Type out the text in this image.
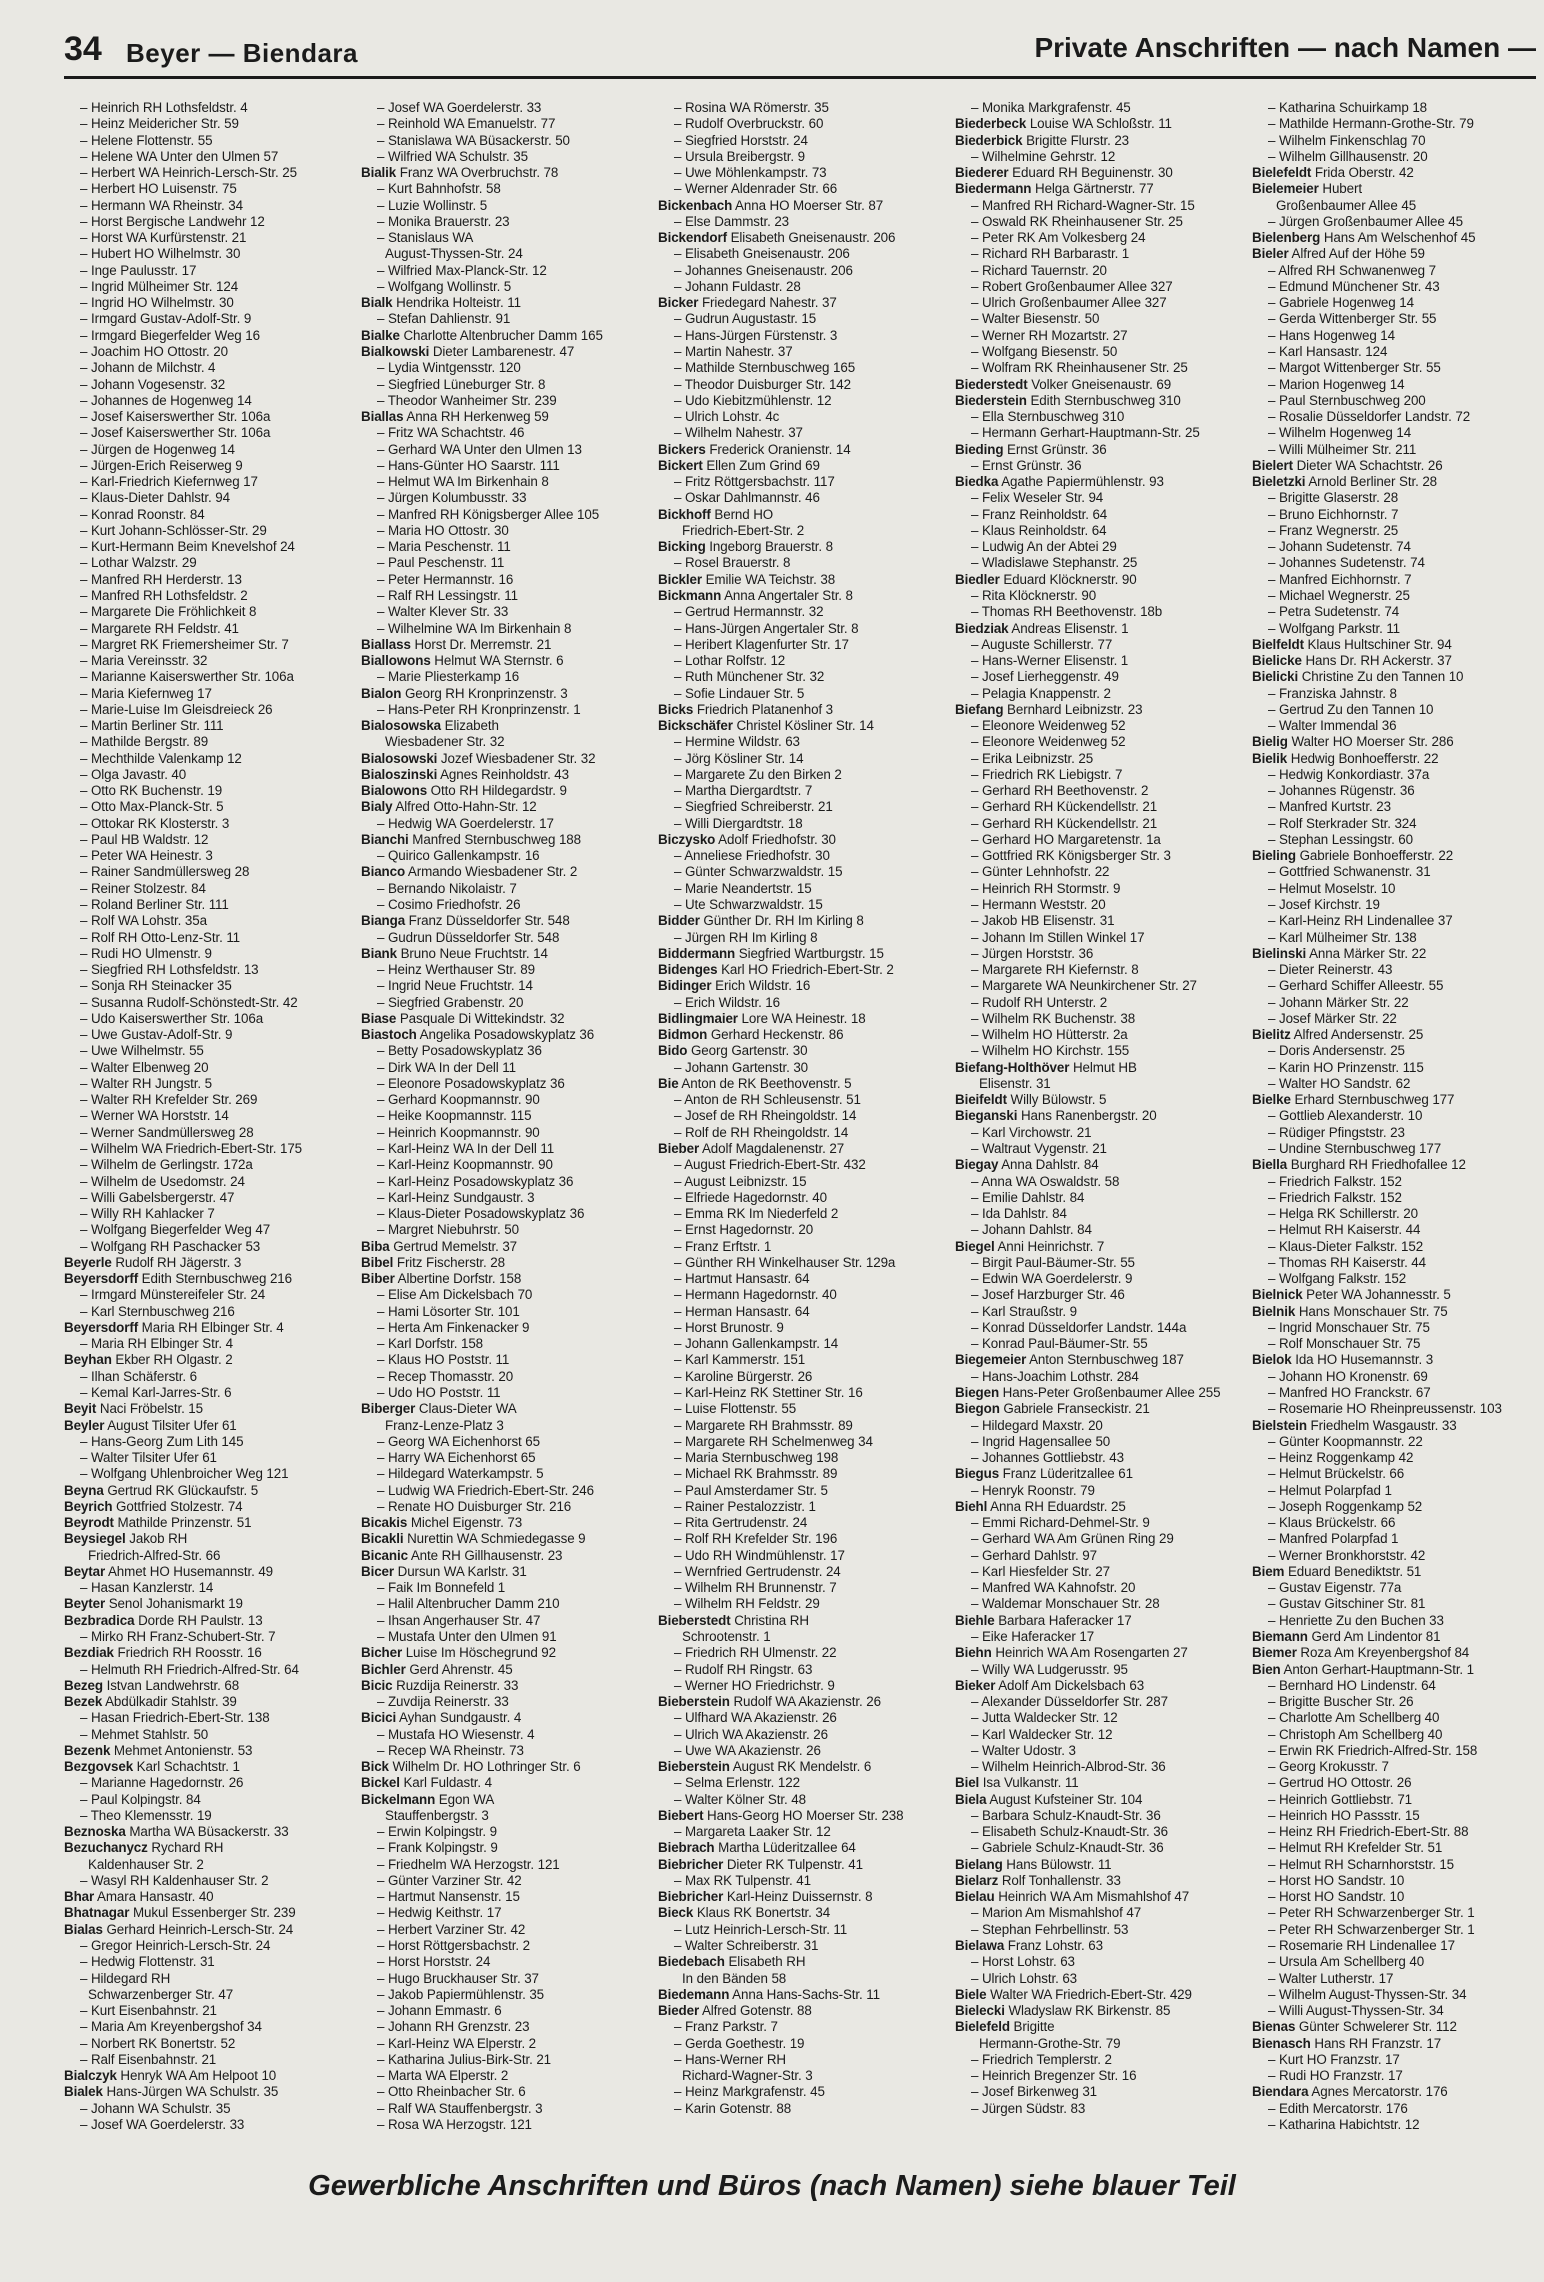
34 Beyer — Biendara	Private Anschriften — nach Namen —
– Heinrich RH Lothsfeldstr. 4
– Heinz Meidericher Str. 59
– Helene Flottenstr. 55
– Helene WA Unter den Ulmen 57
– Herbert WA Heinrich-Lersch-Str. 25
– Herbert HO Luisenstr. 75
– Hermann WA Rheinstr. 34
– Horst Bergische Landwehr 12
– Horst WA Kurfürstenstr. 21
– Hubert HO Wilhelmstr. 30
– Inge Paulusstr. 17
– Ingrid Mülheimer Str. 124
– Ingrid HO Wilhelmstr. 30
– Irmgard Gustav-Adolf-Str. 9
– Irmgard Biegerfelder Weg 16
– Joachim HO Ottostr. 20
– Johann de Milchstr. 4
– Johann Vogesenstr. 32
– Johannes de Hogenweg 14
– Josef Kaiserswerther Str. 106a
– Josef Kaiserswerther Str. 106a
– Jürgen de Hogenweg 14
– Jürgen-Erich Reiserweg 9
– Karl-Friedrich Kiefernweg 17
– Klaus-Dieter Dahlstr. 94
– Konrad Roonstr. 84
– Kurt Johann-Schlösser-Str. 29
– Kurt-Hermann Beim Knevelshof 24
– Lothar Walzstr. 29
– Manfred RH Herderstr. 13
– Manfred RH Lothsfeldstr. 2
– Margarete Die Fröhlichkeit 8
– Margarete RH Feldstr. 41
– Margret RK Friemersheimer Str. 7
– Maria Vereinsstr. 32
– Marianne Kaiserswerther Str. 106a
– Maria Kiefernweg 17
– Marie-Luise Im Gleisdreieck 26
– Martin Berliner Str. 111
– Mathilde Bergstr. 89
– Mechthilde Valenkamp 12
– Olga Javastr. 40
– Otto RK Buchenstr. 19
– Otto Max-Planck-Str. 5
– Ottokar RK Klosterstr. 3
– Paul HB Waldstr. 12
– Peter WA Heinestr. 3
– Rainer Sandmüllersweg 28
– Reiner Stolzestr. 84
– Roland Berliner Str. 111
– Rolf WA Lohstr. 35a
– Rolf RH Otto-Lenz-Str. 11
– Rudi HO Ulmenstr. 9
– Siegfried RH Lothsfeldstr. 13
– Sonja RH Steinacker 35
– Susanna Rudolf-Schönstedt-Str. 42
– Udo Kaiserswerther Str. 106a
– Uwe Gustav-Adolf-Str. 9
– Uwe Wilhelmstr. 55
– Walter Elbenweg 20
– Walter RH Jungstr. 5
– Walter RH Krefelder Str. 269
– Werner WA Horststr. 14
– Werner Sandmüllersweg 28
– Wilhelm WA Friedrich-Ebert-Str. 175
– Wilhelm de Gerlingstr. 172a
– Wilhelm de Usedomstr. 24
– Willi Gabelsbergerstr. 47
– Willy RH Kahlacker 7
– Wolfgang Biegerfelder Weg 47
– Wolfgang RH Paschacker 53
Beyerle Rudolf RH Jägerstr. 3
Beyersdorff Edith Sternbuschweg 216
– Irmgard Münstereifeler Str. 24
– Karl Sternbuschweg 216
Beyersdorff Maria RH Elbinger Str. 4
– Maria RH Elbinger Str. 4
Beyhan Ekber RH Olgastr. 2
– Ilhan Schäferstr. 6
– Kemal Karl-Jarres-Str. 6
Beyit Naci Fröbelstr. 15
Beyler August Tilsiter Ufer 61
– Hans-Georg Zum Lith 145
– Walter Tilsiter Ufer 61
– Wolfgang Uhlenbroicher Weg 121
Beyna Gertrud RK Glückaufstr. 5
Beyrich Gottfried Stolzestr. 74
Beyrodt Mathilde Prinzenstr. 51
Beysiegel Jakob RH
Friedrich-Alfred-Str. 66
Beytar Ahmet HO Husemannstr. 49
– Hasan Kanzlerstr. 14
Beyter Senol Johanismarkt 19
Bezbradica Dorde RH Paulstr. 13
– Mirko RH Franz-Schubert-Str. 7
Bezdiak Friedrich RH Roosstr. 16
– Helmuth RH Friedrich-Alfred-Str. 64
Bezeg Istvan Landwehrstr. 68
Bezek Abdülkadir Stahlstr. 39
– Hasan Friedrich-Ebert-Str. 138
– Mehmet Stahlstr. 50
Bezenk Mehmet Antonienstr. 53
Bezgovsek Karl Schachtstr. 1
– Marianne Hagedornstr. 26
– Paul Kolpingstr. 84
– Theo Klemensstr. 19
Beznoska Martha WA Büsackerstr. 33
Bezuchanycz Rychard RH
Kaldenhauser Str. 2
– Wasyl RH Kaldenhauser Str. 2
Bhar Amara Hansastr. 40
Bhatnagar Mukul Essenberger Str. 239
Bialas Gerhard Heinrich-Lersch-Str. 24
– Gregor Heinrich-Lersch-Str. 24
– Hedwig Flottenstr. 31
– Hildegard RH
Schwarzenberger Str. 47
– Kurt Eisenbahnstr. 21
– Maria Am Kreyenbergshof 34
– Norbert RK Bonertstr. 52
– Ralf Eisenbahnstr. 21
Bialczyk Henryk WA Am Helpoot 10
Bialek Hans-Jürgen WA Schulstr. 35
– Johann WA Schulstr. 35
– Josef WA Goerdelerstr. 33
– Josef WA Goerdelerstr. 33
– Reinhold WA Emanuelstr. 77
– Stanislawa WA Büsackerstr. 50
– Wilfried WA Schulstr. 35
Bialik Franz WA Overbruchstr. 78
– Kurt Bahnhofstr. 58
– Luzie Wollinstr. 5
– Monika Brauerstr. 23
– Stanislaus WA
August-Thyssen-Str. 24
– Wilfried Max-Planck-Str. 12
– Wolfgang Wollinstr. 5
Bialk Hendrika Holteistr. 11
– Stefan Dahlienstr. 91
Bialke Charlotte Altenbrucher Damm 165
Bialkowski Dieter Lambarenestr. 47
– Lydia Wintgensstr. 120
– Siegfried Lüneburger Str. 8
– Theodor Wanheimer Str. 239
Biallas Anna RH Herkenweg 59
– Fritz WA Schachtstr. 46
– Gerhard WA Unter den Ulmen 13
– Hans-Günter HO Saarstr. 111
– Helmut WA Im Birkenhain 8
– Jürgen Kolumbusstr. 33
– Manfred RH Königsberger Allee 105
– Maria HO Ottostr. 30
– Maria Peschenstr. 11
– Paul Peschenstr. 11
– Peter Hermannstr. 16
– Ralf RH Lessingstr. 11
– Walter Klever Str. 33
– Wilhelmine WA Im Birkenhain 8
Biallass Horst Dr. Merremstr. 21
Biallowons Helmut WA Sternstr. 6
– Marie Pliesterkamp 16
Bialon Georg RH Kronprinzenstr. 3
– Hans-Peter RH Kronprinzenstr. 1
Bialosowska Elizabeth
Wiesbadener Str. 32
Bialosowski Jozef Wiesbadener Str. 32
Bialoszinski Agnes Reinholdstr. 43
Bialowons Otto RH Hildegardstr. 9
Bialy Alfred Otto-Hahn-Str. 12
– Hedwig WA Goerdelerstr. 17
Bianchi Manfred Sternbuschweg 188
– Quirico Gallenkampstr. 16
Bianco Armando Wiesbadener Str. 2
– Bernando Nikolaistr. 7
– Cosimo Friedhofstr. 26
Bianga Franz Düsseldorfer Str. 548
– Gudrun Düsseldorfer Str. 548
Biank Bruno Neue Fruchtstr. 14
– Heinz Werthauser Str. 89
– Ingrid Neue Fruchtstr. 14
– Siegfried Grabenstr. 20
Biase Pasquale Di Wittekindstr. 32
Biastoch Angelika Posadowskyplatz 36
– Betty Posadowskyplatz 36
– Dirk WA In der Dell 11
– Eleonore Posadowskyplatz 36
– Gerhard Koopmannstr. 90
– Heike Koopmannstr. 115
– Heinrich Koopmannstr. 90
– Karl-Heinz WA In der Dell 11
– Karl-Heinz Koopmannstr. 90
– Karl-Heinz Posadowskyplatz 36
– Karl-Heinz Sundgaustr. 3
– Klaus-Dieter Posadowskyplatz 36
– Margret Niebuhrstr. 50
Biba Gertrud Memelstr. 37
Bibel Fritz Fischerstr. 28
Biber Albertine Dorfstr. 158
– Elise Am Dickelsbach 70
– Hami Lösorter Str. 101
– Herta Am Finkenacker 9
– Karl Dorfstr. 158
– Klaus HO Poststr. 11
– Recep Thomasstr. 20
– Udo HO Poststr. 11
Biberger Claus-Dieter WA
Franz-Lenze-Platz 3
– Georg WA Eichenhorst 65
– Harry WA Eichenhorst 65
– Hildegard Waterkampstr. 5
– Ludwig WA Friedrich-Ebert-Str. 246
– Renate HO Duisburger Str. 216
Bicakis Michel Eigenstr. 73
Bicakli Nurettin WA Schmiedegasse 9
Bicanic Ante RH Gillhausenstr. 23
Bicer Dursun WA Karlstr. 31
– Faik Im Bonnefeld 1
– Halil Altenbrucher Damm 210
– Ihsan Angerhauser Str. 47
– Mustafa Unter den Ulmen 91
Bicher Luise Im Höschegrund 92
Bichler Gerd Ahrenstr. 45
Bicic Ruzdija Reinerstr. 33
– Zuvdija Reinerstr. 33
Bicici Ayhan Sundgaustr. 4
– Mustafa HO Wiesenstr. 4
– Recep WA Rheinstr. 73
Bick Wilhelm Dr. HO Lothringer Str. 6
Bickel Karl Fuldastr. 4
Bickelmann Egon WA
Stauffenbergstr. 3
– Erwin Kolpingstr. 9
– Frank Kolpingstr. 9
– Friedhelm WA Herzogstr. 121
– Günter Varziner Str. 42
– Hartmut Nansenstr. 15
– Hedwig Keithstr. 17
– Herbert Varziner Str. 42
– Horst Röttgersbachstr. 2
– Horst Horststr. 24
– Hugo Bruckhauser Str. 37
– Jakob Papiermühlenstr. 35
– Johann Emmastr. 6
– Johann RH Grenzstr. 23
– Karl-Heinz WA Elperstr. 2
– Katharina Julius-Birk-Str. 21
– Marta WA Elperstr. 2
– Otto Rheinbacher Str. 6
– Ralf WA Stauffenbergstr. 3
– Rosa WA Herzogstr. 121
– Rosina WA Römerstr. 35
– Rudolf Overbruckstr. 60
– Siegfried Horststr. 24
– Ursula Breibergstr. 9
– Uwe Möhlenkampstr. 73
– Werner Aldenrader Str. 66
Bickenbach Anna HO Moerser Str. 87
– Else Dammstr. 23
Bickendorf Elisabeth Gneisenaustr. 206
– Elisabeth Gneisenaustr. 206
– Johannes Gneisenaustr. 206
– Johann Fuldastr. 28
Bicker Friedegard Nahestr. 37
– Gudrun Augustastr. 15
– Hans-Jürgen Fürstenstr. 3
– Martin Nahestr. 37
– Mathilde Sternbuschweg 165
– Theodor Duisburger Str. 142
– Udo Kiebitzmühlenstr. 12
– Ulrich Lohstr. 4c
– Wilhelm Nahestr. 37
Bickers Frederick Oranienstr. 14
Bickert Ellen Zum Grind 69
– Fritz Röttgersbachstr. 117
– Oskar Dahlmannstr. 46
Bickhoff Bernd HO
Friedrich-Ebert-Str. 2
Bicking Ingeborg Brauerstr. 8
– Rosel Brauerstr. 8
Bickler Emilie WA Teichstr. 38
Bickmann Anna Angertaler Str. 8
– Gertrud Hermannstr. 32
– Hans-Jürgen Angertaler Str. 8
– Heribert Klagenfurter Str. 17
– Lothar Rolfstr. 12
– Ruth Münchener Str. 32
– Sofie Lindauer Str. 5
Bicks Friedrich Platanenhof 3
Bickschäfer Christel Kösliner Str. 14
– Hermine Wildstr. 63
– Jörg Kösliner Str. 14
– Margarete Zu den Birken 2
– Martha Diergardtstr. 7
– Siegfried Schreiberstr. 21
– Willi Diergardtstr. 18
Biczysko Adolf Friedhofstr. 30
– Anneliese Friedhofstr. 30
– Günter Schwarzwaldstr. 15
– Marie Neandertstr. 15
– Ute Schwarzwaldstr. 15
Bidder Günther Dr. RH Im Kirling 8
– Jürgen RH Im Kirling 8
Biddermann Siegfried Wartburgstr. 15
Bidenges Karl HO Friedrich-Ebert-Str. 2
Bidinger Erich Wildstr. 16
– Erich Wildstr. 16
Bidlingmaier Lore WA Heinestr. 18
Bidmon Gerhard Heckenstr. 86
Bido Georg Gartenstr. 30
– Johann Gartenstr. 30
Bie Anton de RK Beethovenstr. 5
– Anton de RH Schleusenstr. 51
– Josef de RH Rheingoldstr. 14
– Rolf de RH Rheingoldstr. 14
Bieber Adolf Magdalenenstr. 27
– August Friedrich-Ebert-Str. 432
– August Leibnizstr. 15
– Elfriede Hagedornstr. 40
– Emma RK Im Niederfeld 2
– Ernst Hagedornstr. 20
– Franz Erftstr. 1
– Günther RH Winkelhauser Str. 129a
– Hartmut Hansastr. 64
– Hermann Hagedornstr. 40
– Herman Hansastr. 64
– Horst Brunostr. 9
– Johann Gallenkampstr. 14
– Karl Kammerstr. 151
– Karoline Bürgerstr. 26
– Karl-Heinz RK Stettiner Str. 16
– Luise Flottenstr. 55
– Margarete RH Brahmsstr. 89
– Margarete RH Schelmenweg 34
– Maria Sternbuschweg 198
– Michael RK Brahmsstr. 89
– Paul Amsterdamer Str. 5
– Rainer Pestalozzistr. 1
– Rita Gertrudenstr. 24
– Rolf RH Krefelder Str. 196
– Udo RH Windmühlenstr. 17
– Wernfried Gertrudenstr. 24
– Wilhelm RH Brunnenstr. 7
– Wilhelm RH Feldstr. 29
Bieberstedt Christina RH
Schrootenstr. 1
– Friedrich RH Ulmenstr. 22
– Rudolf RH Ringstr. 63
– Werner HO Friedrichstr. 9
Bieberstein Rudolf WA Akazienstr. 26
– Ulfhard WA Akazienstr. 26
– Ulrich WA Akazienstr. 26
– Uwe WA Akazienstr. 26
Bieberstein August RK Mendelstr. 6
– Selma Erlenstr. 122
– Walter Kölner Str. 48
Biebert Hans-Georg HO Moerser Str. 238
– Margareta Laaker Str. 12
Biebrach Martha Lüderitzallee 64
Biebricher Dieter RK Tulpenstr. 41
– Max RK Tulpenstr. 41
Biebricher Karl-Heinz Duissernstr. 8
Bieck Klaus RK Bonertstr. 34
– Lutz Heinrich-Lersch-Str. 11
– Walter Schreiberstr. 31
Biedebach Elisabeth RH
In den Bänden 58
Biedemann Anna Hans-Sachs-Str. 11
Bieder Alfred Gotenstr. 88
– Franz Parkstr. 7
– Gerda Goethestr. 19
– Hans-Werner RH
Richard-Wagner-Str. 3
– Heinz Markgrafenstr. 45
– Karin Gotenstr. 88
– Monika Markgrafenstr. 45
Biederbeck Louise WA Schloßstr. 11
Biederbick Brigitte Flurstr. 23
– Wilhelmine Gehrstr. 12
Biederer Eduard RH Beguinenstr. 30
Biedermann Helga Gärtnerstr. 77
– Manfred RH Richard-Wagner-Str. 15
– Oswald RK Rheinhausener Str. 25
– Peter RK Am Volkesberg 24
– Richard RH Barbarastr. 1
– Richard Tauernstr. 20
– Robert Großenbaumer Allee 327
– Ulrich Großenbaumer Allee 327
– Walter Biesenstr. 50
– Werner RH Mozartstr. 27
– Wolfgang Biesenstr. 50
– Wolfram RK Rheinhausener Str. 25
Biederstedt Volker Gneisenaustr. 69
Biederstein Edith Sternbuschweg 310
– Ella Sternbuschweg 310
– Hermann Gerhart-Hauptmann-Str. 25
Bieding Ernst Grünstr. 36
– Ernst Grünstr. 36
Biedka Agathe Papiermühlenstr. 93
– Felix Weseler Str. 94
– Franz Reinholdstr. 64
– Klaus Reinholdstr. 64
– Ludwig An der Abtei 29
– Wladislawe Stephanstr. 25
Biedler Eduard Klöcknerstr. 90
– Rita Klöcknerstr. 90
– Thomas RH Beethovenstr. 18b
Biedziak Andreas Elisenstr. 1
– Auguste Schillerstr. 77
– Hans-Werner Elisenstr. 1
– Josef Lierheggenstr. 49
– Pelagia Knappenstr. 2
Biefang Bernhard Leibnizstr. 23
– Eleonore Weidenweg 52
– Eleonore Weidenweg 52
– Erika Leibnizstr. 25
– Friedrich RK Liebigstr. 7
– Gerhard RH Beethovenstr. 2
– Gerhard RH Kückendellstr. 21
– Gerhard RH Kückendellstr. 21
– Gerhard HO Margaretenstr. 1a
– Gottfried RK Königsberger Str. 3
– Günter Lehnhofstr. 22
– Heinrich RH Stormstr. 9
– Hermann Weststr. 20
– Jakob HB Elisenstr. 31
– Johann Im Stillen Winkel 17
– Jürgen Horststr. 36
– Margarete RH Kiefernstr. 8
– Margarete WA Neunkirchener Str. 27
– Rudolf RH Unterstr. 2
– Wilhelm RK Buchenstr. 38
– Wilhelm HO Hütterstr. 2a
– Wilhelm HO Kirchstr. 155
Biefang-Holthöver Helmut HB
Elisenstr. 31
Bieifeldt Willy Bülowstr. 5
Bieganski Hans Ranenbergstr. 20
– Karl Virchowstr. 21
– Waltraut Vygenstr. 21
Biegay Anna Dahlstr. 84
– Anna WA Oswaldstr. 58
– Emilie Dahlstr. 84
– Ida Dahlstr. 84
– Johann Dahlstr. 84
Biegel Anni Heinrichstr. 7
– Birgit Paul-Bäumer-Str. 55
– Edwin WA Goerdelerstr. 9
– Josef Harzburger Str. 46
– Karl Straußstr. 9
– Konrad Düsseldorfer Landstr. 144a
– Konrad Paul-Bäumer-Str. 55
Biegemeier Anton Sternbuschweg 187
– Hans-Joachim Lothstr. 284
Biegen Hans-Peter Großenbaumer Allee 255
Biegon Gabriele Franseckistr. 21
– Hildegard Maxstr. 20
– Ingrid Hagensallee 50
– Johannes Gottliebstr. 43
Biegus Franz Lüderitzallee 61
– Henryk Roonstr. 79
Biehl Anna RH Eduardstr. 25
– Emmi Richard-Dehmel-Str. 9
– Gerhard WA Am Grünen Ring 29
– Gerhard Dahlstr. 97
– Karl Hiesfelder Str. 27
– Manfred WA Kahnofstr. 20
– Waldemar Monschauer Str. 28
Biehle Barbara Haferacker 17
– Eike Haferacker 17
Biehn Heinrich WA Am Rosengarten 27
– Willy WA Ludgerusstr. 95
Bieker Adolf Am Dickelsbach 63
– Alexander Düsseldorfer Str. 287
– Jutta Waldecker Str. 12
– Karl Waldecker Str. 12
– Walter Udostr. 3
– Wilhelm Heinrich-Albrod-Str. 36
Biel Isa Vulkanstr. 11
Biela August Kufsteiner Str. 104
– Barbara Schulz-Knaudt-Str. 36
– Elisabeth Schulz-Knaudt-Str. 36
– Gabriele Schulz-Knaudt-Str. 36
Bielang Hans Bülowstr. 11
Bielarz Rolf Tonhallenstr. 33
Bielau Heinrich WA Am Mismahlshof 47
– Marion Am Mismahlshof 47
– Stephan Fehrbellinstr. 53
Bielawa Franz Lohstr. 63
– Horst Lohstr. 63
– Ulrich Lohstr. 63
Biele Walter WA Friedrich-Ebert-Str. 429
Bielecki Wladyslaw RK Birkenstr. 85
Bielefeld Brigitte
Hermann-Grothe-Str. 79
– Friedrich Templerstr. 2
– Heinrich Bregenzer Str. 16
– Josef Birkenweg 31
– Jürgen Südstr. 83
– Katharina Schuirkamp 18
– Mathilde Hermann-Grothe-Str. 79
– Wilhelm Finkenschlag 70
– Wilhelm Gillhausenstr. 20
Bielefeldt Frida Oberstr. 42
Bielemeier Hubert
Großenbaumer Allee 45
– Jürgen Großenbaumer Allee 45
Bielenberg Hans Am Welschenhof 45
Bieler Alfred Auf der Höhe 59
– Alfred RH Schwanenweg 7
– Edmund Münchener Str. 43
– Gabriele Hogenweg 14
– Gerda Wittenberger Str. 55
– Hans Hogenweg 14
– Karl Hansastr. 124
– Margot Wittenberger Str. 55
– Marion Hogenweg 14
– Paul Sternbuschweg 200
– Rosalie Düsseldorfer Landstr. 72
– Wilhelm Hogenweg 14
– Willi Mülheimer Str. 211
Bielert Dieter WA Schachtstr. 26
Bieletzki Arnold Berliner Str. 28
– Brigitte Glaserstr. 28
– Bruno Eichhornstr. 7
– Franz Wegnerstr. 25
– Johann Sudetenstr. 74
– Johannes Sudetenstr. 74
– Manfred Eichhornstr. 7
– Michael Wegnerstr. 25
– Petra Sudetenstr. 74
– Wolfgang Parkstr. 11
Bielfeldt Klaus Hultschiner Str. 94
Bielicke Hans Dr. RH Ackerstr. 37
Bielicki Christine Zu den Tannen 10
– Franziska Jahnstr. 8
– Gertrud Zu den Tannen 10
– Walter Immendal 36
Bielig Walter HO Moerser Str. 286
Bielik Hedwig Bonhoefferstr. 22
– Hedwig Konkordiastr. 37a
– Johannes Rügenstr. 36
– Manfred Kurtstr. 23
– Rolf Sterkrader Str. 324
– Stephan Lessingstr. 60
Bieling Gabriele Bonhoefferstr. 22
– Gottfried Schwanenstr. 31
– Helmut Moselstr. 10
– Josef Kirchstr. 19
– Karl-Heinz RH Lindenallee 37
– Karl Mülheimer Str. 138
Bielinski Anna Märker Str. 22
– Dieter Reinerstr. 43
– Gerhard Schiffer Alleestr. 55
– Johann Märker Str. 22
– Josef Märker Str. 22
Bielitz Alfred Andersenstr. 25
– Doris Andersenstr. 25
– Karin HO Prinzenstr. 115
– Walter HO Sandstr. 62
Bielke Erhard Sternbuschweg 177
– Gottlieb Alexanderstr. 10
– Rüdiger Pfingststr. 23
– Undine Sternbuschweg 177
Biella Burghard RH Friedhofallee 12
– Friedrich Falkstr. 152
– Friedrich Falkstr. 152
– Helga RK Schillerstr. 20
– Helmut RH Kaiserstr. 44
– Klaus-Dieter Falkstr. 152
– Thomas RH Kaiserstr. 44
– Wolfgang Falkstr. 152
Bielnick Peter WA Johannesstr. 5
Bielnik Hans Monschauer Str. 75
– Ingrid Monschauer Str. 75
– Rolf Monschauer Str. 75
Bielok Ida HO Husemannstr. 3
– Johann HO Kronenstr. 69
– Manfred HO Franckstr. 67
– Rosemarie HO Rheinpreussenstr. 103
Bielstein Friedhelm Wasgaustr. 33
– Günter Koopmannstr. 22
– Heinz Roggenkamp 42
– Helmut Brückelstr. 66
– Helmut Polarpfad 1
– Joseph Roggenkamp 52
– Klaus Brückelstr. 66
– Manfred Polarpfad 1
– Werner Bronkhorststr. 42
Biem Eduard Benediktstr. 51
– Gustav Eigenstr. 77a
– Gustav Gitschiner Str. 81
– Henriette Zu den Buchen 33
Biemann Gerd Am Lindentor 81
Biemer Roza Am Kreyenbergshof 84
Bien Anton Gerhart-Hauptmann-Str. 1
– Bernhard HO Lindenstr. 64
– Brigitte Buscher Str. 26
– Charlotte Am Schellberg 40
– Christoph Am Schellberg 40
– Erwin RK Friedrich-Alfred-Str. 158
– Georg Krokusstr. 7
– Gertrud HO Ottostr. 26
– Heinrich Gottliebstr. 71
– Heinrich HO Passstr. 15
– Heinz RH Friedrich-Ebert-Str. 88
– Helmut RH Krefelder Str. 51
– Helmut RH Scharnhorststr. 15
– Horst HO Sandstr. 10
– Horst HO Sandstr. 10
– Peter RH Schwarzenberger Str. 1
– Peter RH Schwarzenberger Str. 1
– Rosemarie RH Lindenallee 17
– Ursula Am Schellberg 40
– Walter Lutherstr. 17
– Wilhelm August-Thyssen-Str. 34
– Willi August-Thyssen-Str. 34
Bienas Günter Schwelerer Str. 112
Bienasch Hans RH Franzstr. 17
– Kurt HO Franzstr. 17
– Rudi HO Franzstr. 17
Biendara Agnes Mercatorstr. 176
– Edith Mercatorstr. 176
– Katharina Habichtstr. 12
Gewerbliche Anschriften und Büros (nach Namen) siehe blauer Teil
